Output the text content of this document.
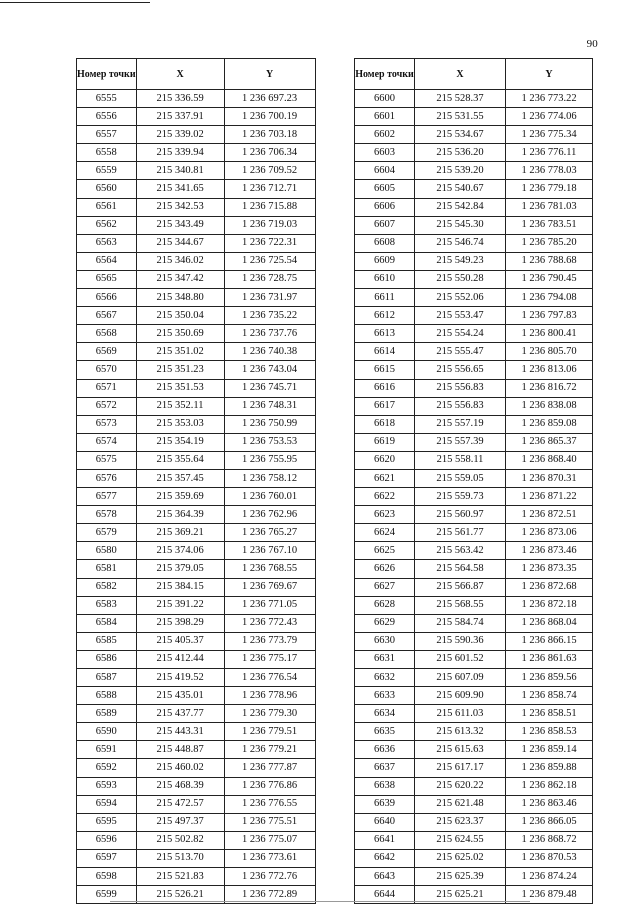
90
Номер точки	X	Y
6555	215 336.59	1 236 697.23
6556	215 337.91	1 236 700.19
6557	215 339.02	1 236 703.18
6558	215 339.94	1 236 706.34
6559	215 340.81	1 236 709.52
6560	215 341.65	1 236 712.71
6561	215 342.53	1 236 715.88
6562	215 343.49	1 236 719.03
6563	215 344.67	1 236 722.31
6564	215 346.02	1 236 725.54
6565	215 347.42	1 236 728.75
6566	215 348.80	1 236 731.97
6567	215 350.04	1 236 735.22
6568	215 350.69	1 236 737.76
6569	215 351.02	1 236 740.38
6570	215 351.23	1 236 743.04
6571	215 351.53	1 236 745.71
6572	215 352.11	1 236 748.31
6573	215 353.03	1 236 750.99
6574	215 354.19	1 236 753.53
6575	215 355.64	1 236 755.95
6576	215 357.45	1 236 758.12
6577	215 359.69	1 236 760.01
6578	215 364.39	1 236 762.96
6579	215 369.21	1 236 765.27
6580	215 374.06	1 236 767.10
6581	215 379.05	1 236 768.55
6582	215 384.15	1 236 769.67
6583	215 391.22	1 236 771.05
6584	215 398.29	1 236 772.43
6585	215 405.37	1 236 773.79
6586	215 412.44	1 236 775.17
6587	215 419.52	1 236 776.54
6588	215 435.01	1 236 778.96
6589	215 437.77	1 236 779.30
6590	215 443.31	1 236 779.51
6591	215 448.87	1 236 779.21
6592	215 460.02	1 236 777.87
6593	215 468.39	1 236 776.86
6594	215 472.57	1 236 776.55
6595	215 497.37	1 236 775.51
6596	215 502.82	1 236 775.07
6597	215 513.70	1 236 773.61
6598	215 521.83	1 236 772.76
6599	215 526.21	1 236 772.89
Номер точки	X	Y
6600	215 528.37	1 236 773.22
6601	215 531.55	1 236 774.06
6602	215 534.67	1 236 775.34
6603	215 536.20	1 236 776.11
6604	215 539.20	1 236 778.03
6605	215 540.67	1 236 779.18
6606	215 542.84	1 236 781.03
6607	215 545.30	1 236 783.51
6608	215 546.74	1 236 785.20
6609	215 549.23	1 236 788.68
6610	215 550.28	1 236 790.45
6611	215 552.06	1 236 794.08
6612	215 553.47	1 236 797.83
6613	215 554.24	1 236 800.41
6614	215 555.47	1 236 805.70
6615	215 556.65	1 236 813.06
6616	215 556.83	1 236 816.72
6617	215 556.83	1 236 838.08
6618	215 557.19	1 236 859.08
6619	215 557.39	1 236 865.37
6620	215 558.11	1 236 868.40
6621	215 559.05	1 236 870.31
6622	215 559.73	1 236 871.22
6623	215 560.97	1 236 872.51
6624	215 561.77	1 236 873.06
6625	215 563.42	1 236 873.46
6626	215 564.58	1 236 873.35
6627	215 566.87	1 236 872.68
6628	215 568.55	1 236 872.18
6629	215 584.74	1 236 868.04
6630	215 590.36	1 236 866.15
6631	215 601.52	1 236 861.63
6632	215 607.09	1 236 859.56
6633	215 609.90	1 236 858.74
6634	215 611.03	1 236 858.51
6635	215 613.32	1 236 858.53
6636	215 615.63	1 236 859.14
6637	215 617.17	1 236 859.88
6638	215 620.22	1 236 862.18
6639	215 621.48	1 236 863.46
6640	215 623.37	1 236 866.05
6641	215 624.55	1 236 868.72
6642	215 625.02	1 236 870.53
6643	215 625.39	1 236 874.24
6644	215 625.21	1 236 879.48
